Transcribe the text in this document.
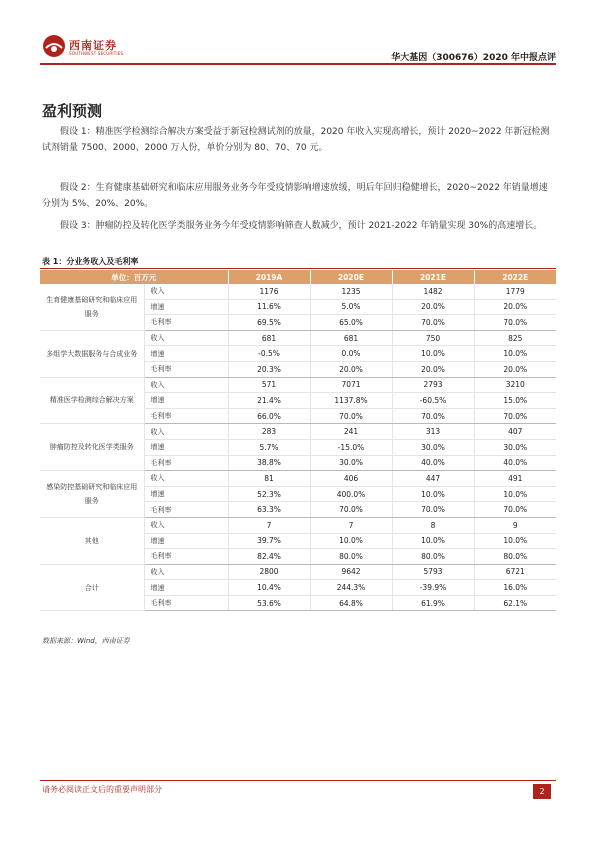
西南证券
SOUTHWEST SECURITIES	华大基因（300676）2020 年中报点评
盈利预测

假设 1：精准医学检测综合解决方案受益于新冠检测试剂的放量，2020 年收入实现高增长，预计 2020~2022 年新冠检测试剂销量 7500、2000、2000 万人份，单价分别为 80、70、70 元。

假设 2：生育健康基础研究和临床应用服务业务今年受疫情影响增速放缓，明后年回归稳健增长，2020~2022 年销量增速分别为 5%、20%、20%。

假设 3：肿瘤防控及转化医学类服务业务今年受疫情影响筛查人数减少，预计 2021-2022 年销量实现 30%的高速增长。

表 1：分业务收入及毛利率
单位：百万元		2019A	2020E	2021E	2022E
生育健康基础研究和临床应用服务	收入	1176	1235	1482	1779
	增速	11.6%	5.0%	20.0%	20.0%
	毛利率	69.5%	65.0%	70.0%	70.0%
多组学大数据服务与合成业务	收入	681	681	750	825
	增速	-0.5%	0.0%	10.0%	10.0%
	毛利率	20.3%	20.0%	20.0%	20.0%
精准医学检测综合解决方案	收入	571	7071	2793	3210
	增速	21.4%	1137.8%	-60.5%	15.0%
	毛利率	66.0%	70.0%	70.0%	70.0%
肿瘤防控及转化医学类服务	收入	283	241	313	407
	增速	5.7%	-15.0%	30.0%	30.0%
	毛利率	38.8%	30.0%	40.0%	40.0%
感染防控基础研究和临床应用服务	收入	81	406	447	491
	增速	52.3%	400.0%	10.0%	10.0%
	毛利率	63.3%	70.0%	70.0%	70.0%
其他	收入	7	7	8	9
	增速	39.7%	10.0%	10.0%	10.0%
	毛利率	82.4%	80.0%	80.0%	80.0%
合计	收入	2800	9642	5793	6721
	增速	10.4%	244.3%	-39.9%	16.0%
	毛利率	53.6%	64.8%	61.9%	62.1%
数据来源：Wind，西南证券
请务必阅读正文后的重要声明部分	2
